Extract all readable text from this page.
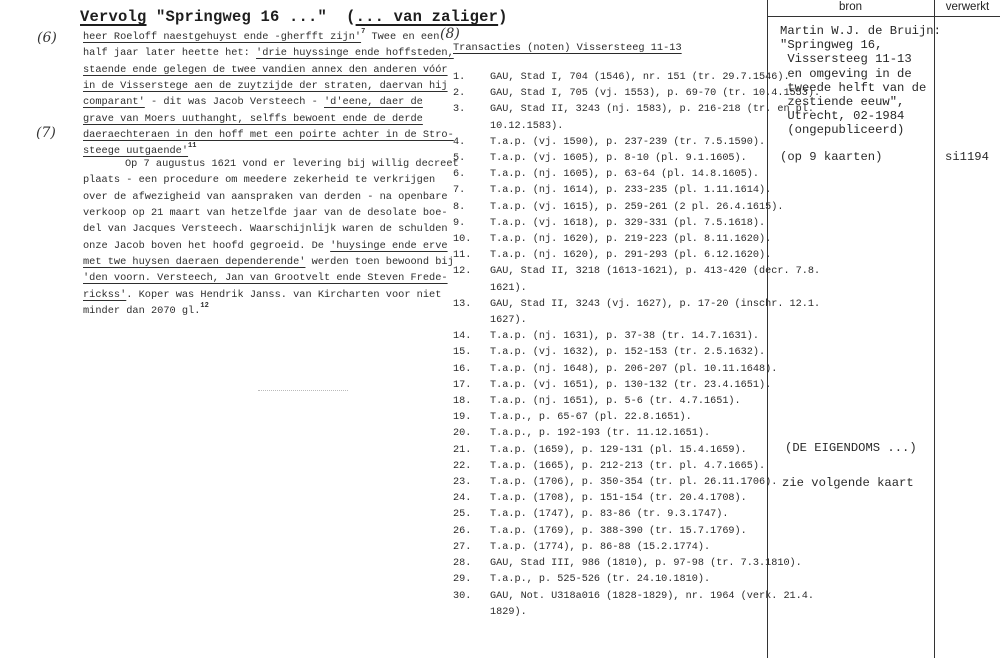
Vervolg "Springweg 16 ..." (... van zaliger)
(6)
(7)
heer Roeloff naestgehuyst ende -gherfft $zijn'^7$ Twee en een
half jaar later heette het: 'drie huyssinge ende hoffsteden,
staende ende gelegen de twee vandien annex den anderen vóór
in de Visserstege aen de zuytzijde der straten, daervan hij
comparant' - dit was Jacob Versteech - 'd'eene, daer de
grave van Moers uuthanght, selffs bewoent ende de derde
daeraechteraen in den hoff met een poirte achter in de Stro-
steege $uutgaende'^{11}$
Op 7 augustus 1621 vond er levering bij willig decreet
plaats - een procedure om meedere zekerheid te verkrijgen
over de afwezigheid van aanspraken van derden - na openbare
verkoop op 21 maart van hetzelfde jaar van de desolate boe-
del van Jacques Versteech. Waarschijnlijk waren de schulden
onze Jacob boven het hoofd gegroeid. De 'huysinge ende erve
met twe huysen daeraen dependerende' werden toen bewoond bij
'den voorn. Versteech, Jan van Grootvelt ende Steven Frede-
rickss'. Koper was Hendrik Janss. van Kircharten voor niet
minder dan 2070 gl.$^{12}$
(8)
Transacties (noten) Vissersteeg 11-13
1. GAU, Stad I, 704 (1546), nr. 151 (tr. 29.7.1546).
2. GAU, Stad I, 705 (vj. 1553), p. 69-70 (tr. 10.4.1553).
3. GAU, Stad II, 3243 (nj. 1583), p. 216-218 (tr. en pl.
10.12.1583).
4. T.a.p. (vj. 1590), p. 237-239 (tr. 7.5.1590).
5. T.a.p. (vj. 1605), p. 8-10 (pl. 9.1.1605).
6. T.a.p. (nj. 1605), p. 63-64 (pl. 14.8.1605).
7. T.a.p. (nj. 1614), p. 233-235 (pl. 1.11.1614).
8. T.a.p. (vj. 1615), p. 259-261 (2 pl. 26.4.1615).
9. T.a.p. (vj. 1618), p. 329-331 (pl. 7.5.1618).
10. T.a.p. (nj. 1620), p. 219-223 (pl. 8.11.1620).
11. T.a.p. (nj. 1620), p. 291-293 (pl. 6.12.1620).
12. GAU, Stad II, 3218 (1613-1621), p. 413-420 (decr. 7.8.
1621).
13. GAU, Stad II, 3243 (vj. 1627), p. 17-20 (inschr. 12.1.
1627).
14. T.a.p. (nj. 1631), p. 37-38 (tr. 14.7.1631).
15. T.a.p. (vj. 1632), p. 152-153 (tr. 2.5.1632).
16. T.a.p. (nj. 1648), p. 206-207 (pl. 10.11.1648).
17. T.a.p. (vj. 1651), p. 130-132 (tr. 23.4.1651).
18. T.a.p. (nj. 1651), p. 5-6 (tr. 4.7.1651).
19. T.a.p., p. 65-67 (pl. 22.8.1651).
20. T.a.p., p. 192-193 (tr. 11.12.1651).
21. T.a.p. (1659), p. 129-131 (pl. 15.4.1659).
22. T.a.p. (1665), p. 212-213 (tr. pl. 4.7.1665).
23. T.a.p. (1706), p. 350-354 (tr. pl. 26.11.1706).
24. T.a.p. (1708), p. 151-154 (tr. 20.4.1708).
25. T.a.p. (1747), p. 83-86 (tr. 9.3.1747).
26. T.a.p. (1769), p. 388-390 (tr. 15.7.1769).
27. T.a.p. (1774), p. 86-88 (15.2.1774).
28. GAU, Stad III, 986 (1810), p. 97-98 (tr. 7.3.1810).
29. T.a.p., p. 525-526 (tr. 24.10.1810).
30. GAU, Not. U318a016 (1828-1829), nr. 1964 (verk. 21.4.
1829).
bron	verwerkt
Martin W.J. de Bruijn:
"Springweg 16,
Vissersteeg 11-13
en omgeving in de
tweede helft van de
zestiende eeuw",
Utrecht, 02-1984
(ongepubliceerd)
(op 9 kaarten)	si1194
(DE EIGENDOMS ...)
zie volgende kaart
